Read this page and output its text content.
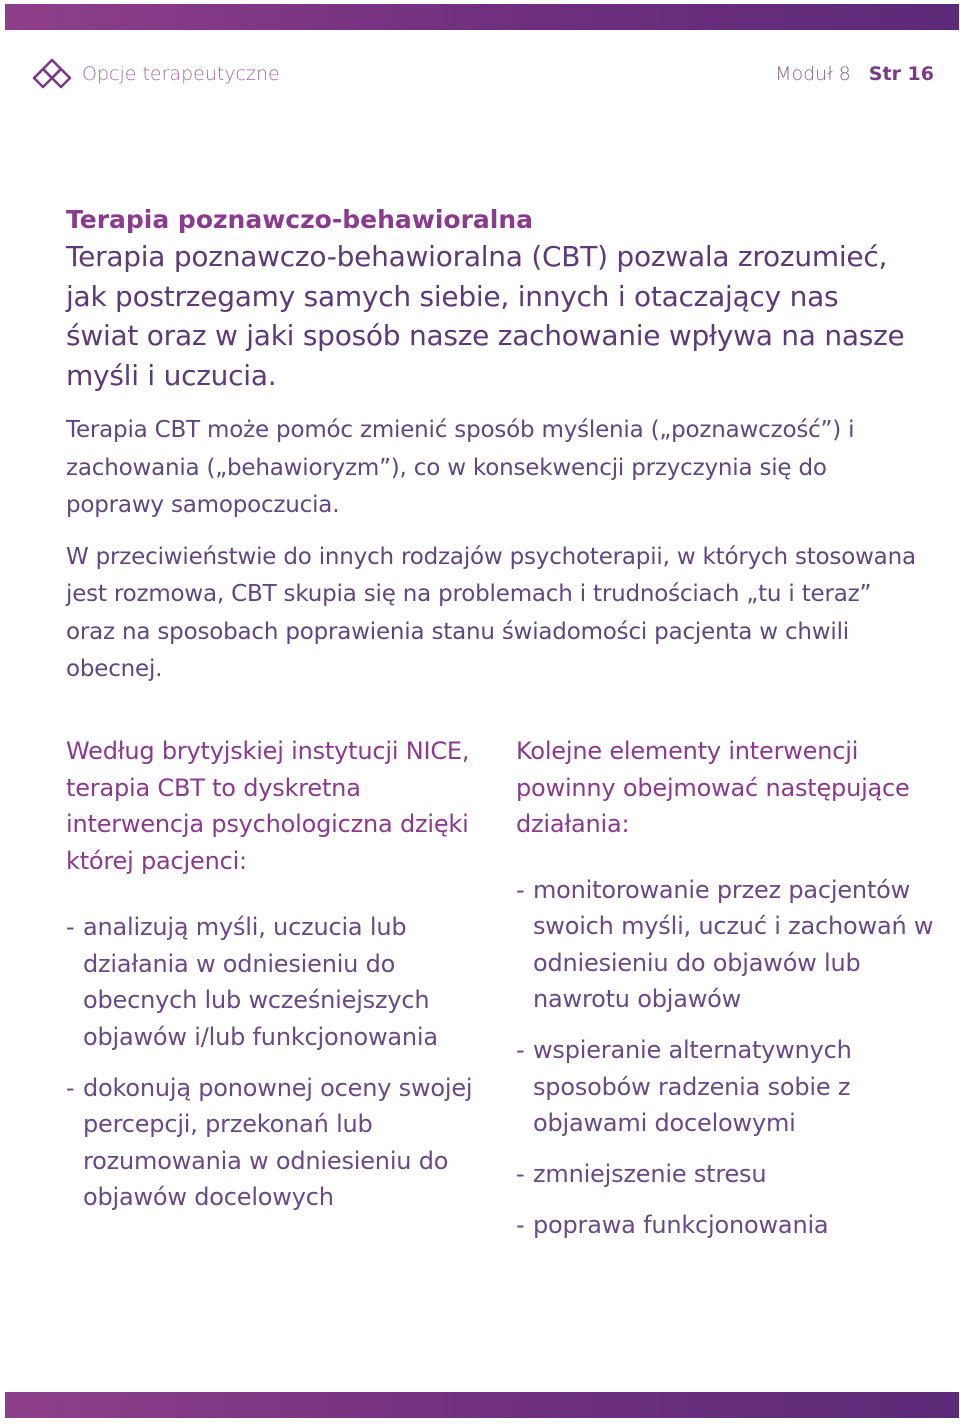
Opcje terapeutyczne	Moduł 8 Str 16
Terapia poznawczo-behawioralna

Terapia poznawczo-behawioralna (CBT) pozwala zrozumieć, jak postrzegamy samych siebie, innych i otaczający nas świat oraz w jaki sposób nasze zachowanie wpływa na nasze myśli i uczucia.

Terapia CBT może pomóc zmienić sposób myślenia („poznawczość”) i zachowania („behawioryzm”), co w konsekwencji przyczynia się do poprawy samopoczucia.

W przeciwieństwie do innych rodzajów psychoterapii, w których stosowana jest rozmowa, CBT skupia się na problemach i trudnościach „tu i teraz” oraz na sposobach poprawienia stanu świadomości pacjenta w chwili obecnej.

Według brytyjskiej instytucji NICE, terapia CBT to dyskretna interwencja psychologiczna dzięki której pacjenci:

- analizują myśli, uczucia lub działania w odniesieniu do obecnych lub wcześniejszych objawów i/lub funkcjonowania
- dokonują ponownej oceny swojej percepcji, przekonań lub rozumowania w odniesieniu do objawów docelowych

Kolejne elementy interwencji powinny obejmować następujące działania:

- monitorowanie przez pacjentów swoich myśli, uczuć i zachowań w odniesieniu do objawów lub nawrotu objawów
- wspieranie alternatywnych sposobów radzenia sobie z objawami docelowymi
- zmniejszenie stresu
- poprawa funkcjonowania
